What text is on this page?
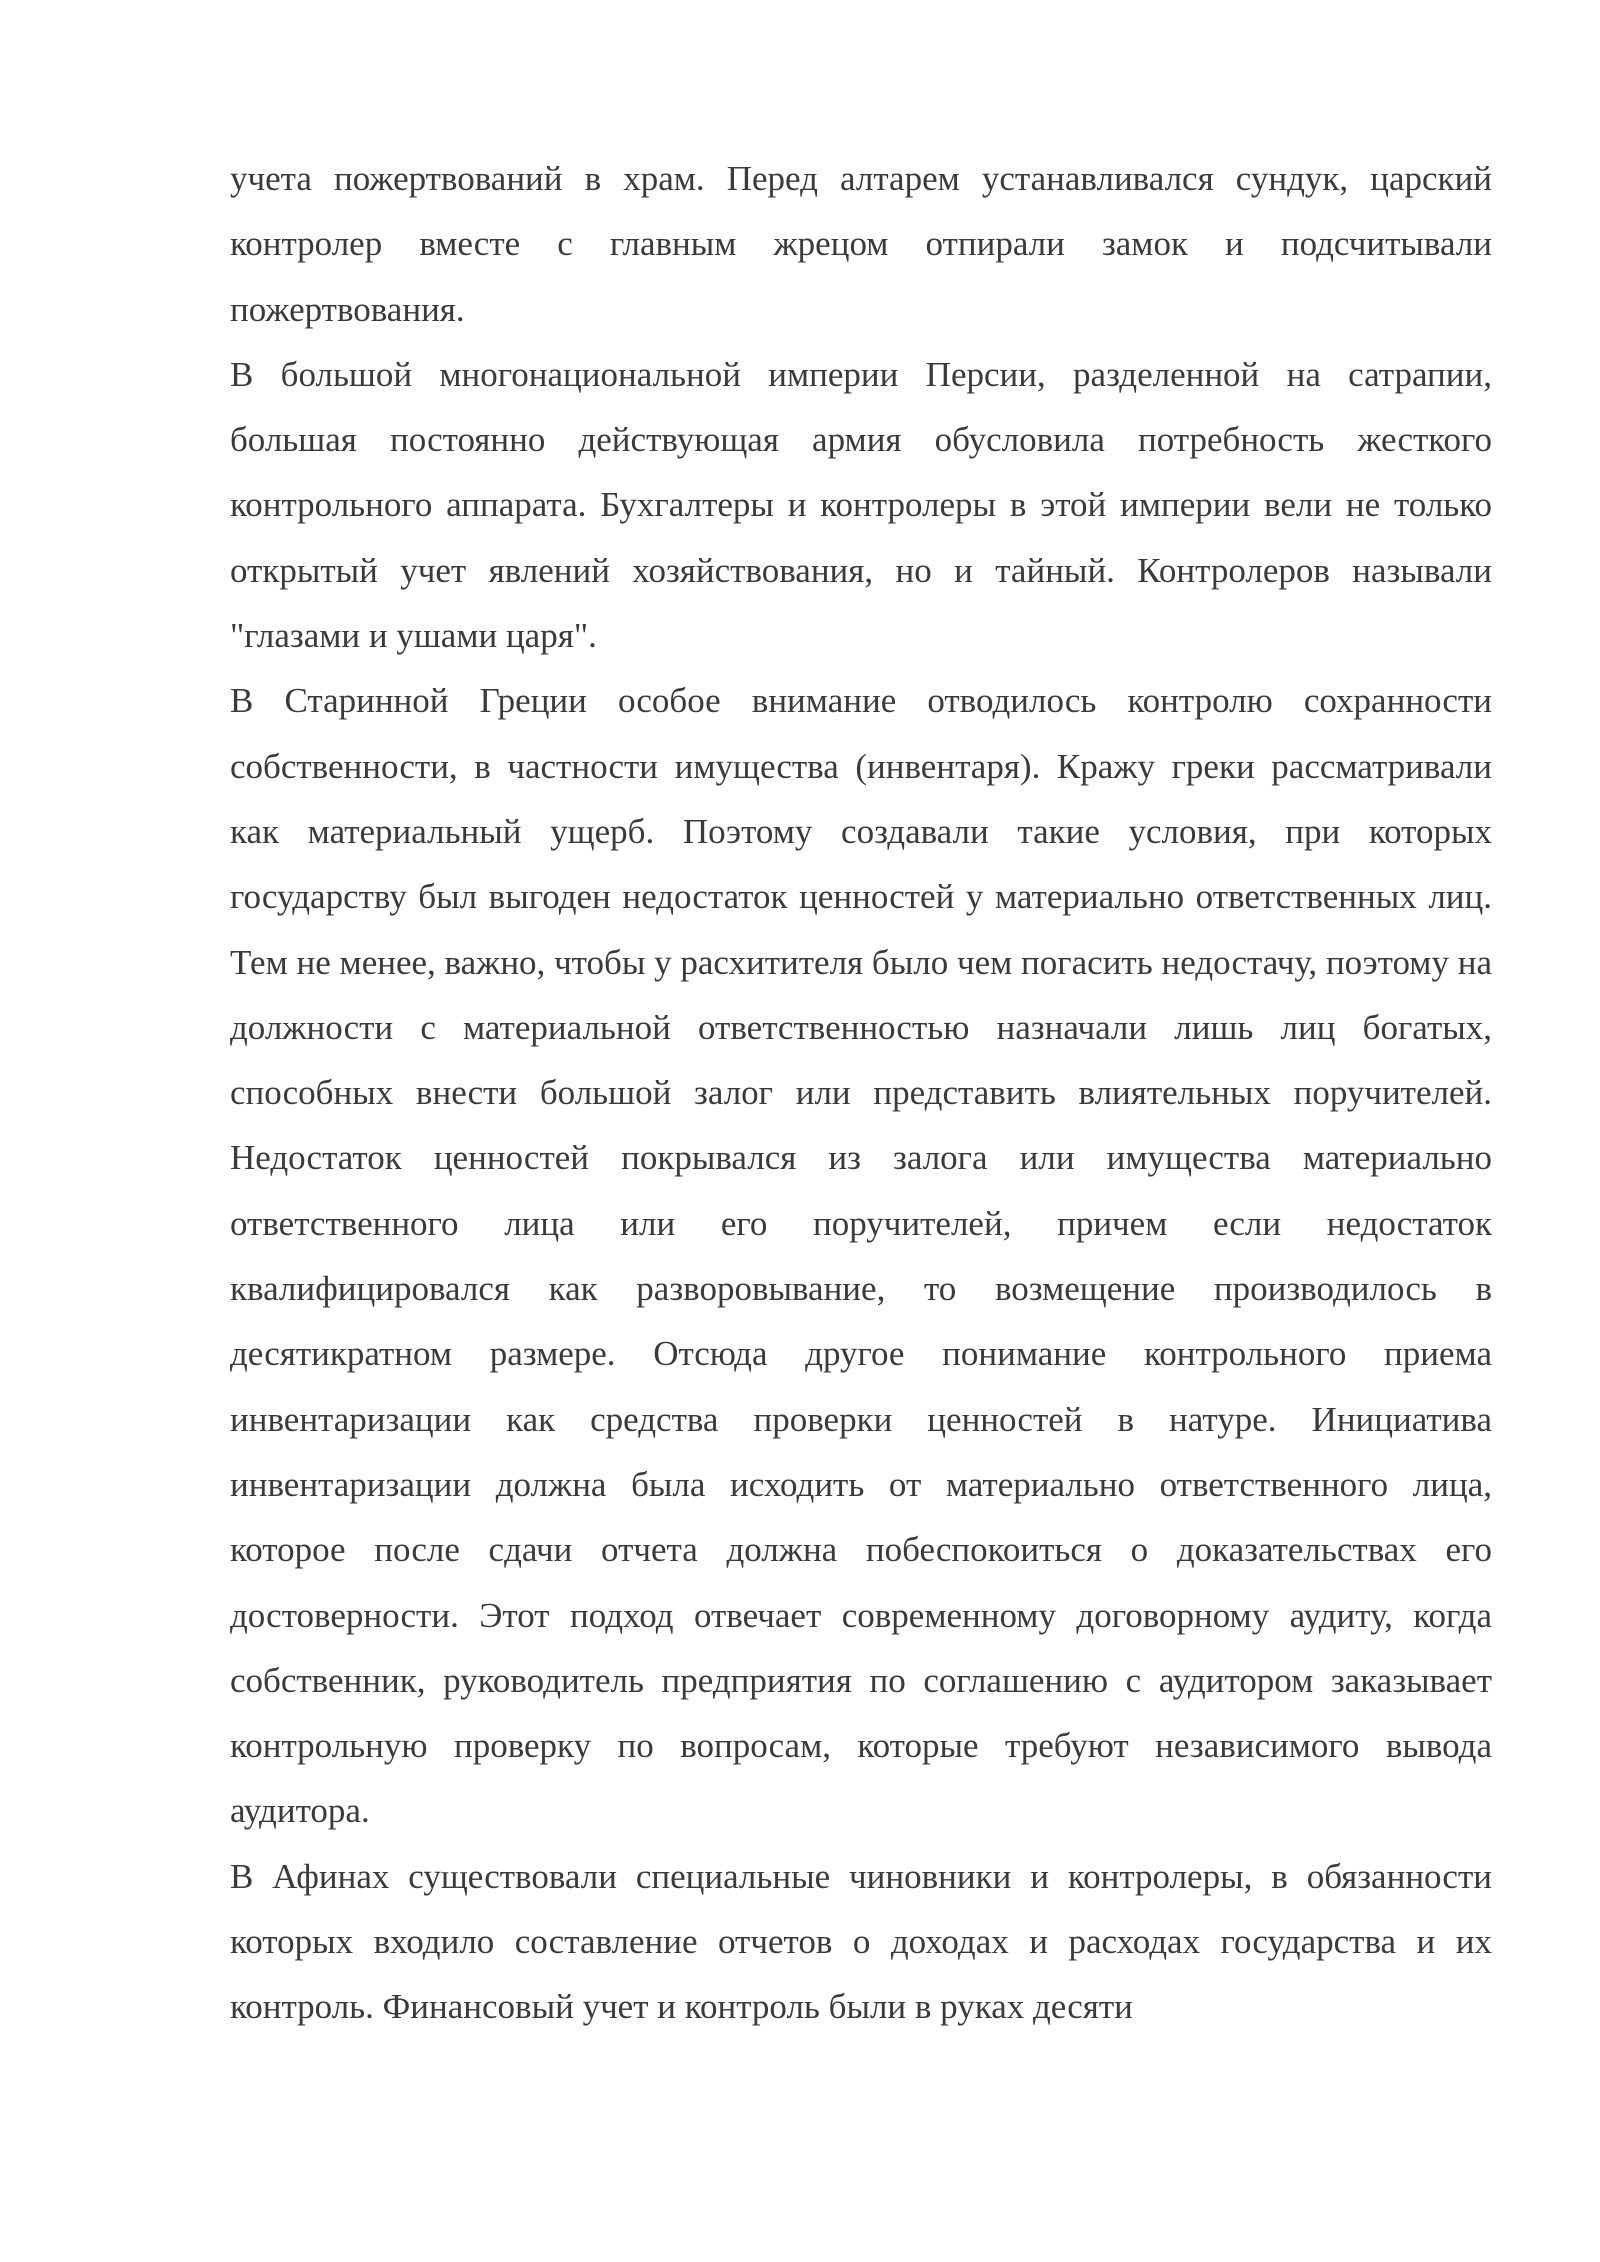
учета пожертвований в храм. Перед алтарем устанавливался сундук, царский контролер вместе с главным жрецом отпирали замок и подсчитывали пожертвования.

В большой многонациональной империи Персии, разделенной на сатрапии, большая постоянно действующая армия обусловила потребность жесткого контрольного аппарата. Бухгалтеры и контролеры в этой империи вели не только открытый учет явлений хозяйствования, но и тайный. Контролеров называли "глазами и ушами царя".

В Старинной Греции особое внимание отводилось контролю сохранности собственности, в частности имущества (инвентаря). Кражу греки рассматривали как материальный ущерб. Поэтому создавали такие условия, при которых государству был выгоден недостаток ценностей у материально ответственных лиц. Тем не менее, важно, чтобы у расхитителя было чем погасить недостачу, поэтому на должности с материальной ответственностью назначали лишь лиц богатых, способных внести большой залог или представить влиятельных поручителей. Недостаток ценностей покрывался из залога или имущества материально ответственного лица или его поручителей, причем если недостаток квалифицировался как разворовывание, то возмещение производилось в десятикратном размере. Отсюда другое понимание контрольного приема инвентаризации как средства проверки ценностей в натуре. Инициатива инвентаризации должна была исходить от материально ответственного лица, которое после сдачи отчета должна побеспокоиться о доказательствах его достоверности. Этот подход отвечает современному договорному аудиту, когда собственник, руководитель предприятия по соглашению с аудитором заказывает контрольную проверку по вопросам, которые требуют независимого вывода аудитора.

В Афинах существовали специальные чиновники и контролеры, в обязанности которых входило составление отчетов о доходах и расходах государства и их контроль. Финансовый учет и контроль были в руках десяти
